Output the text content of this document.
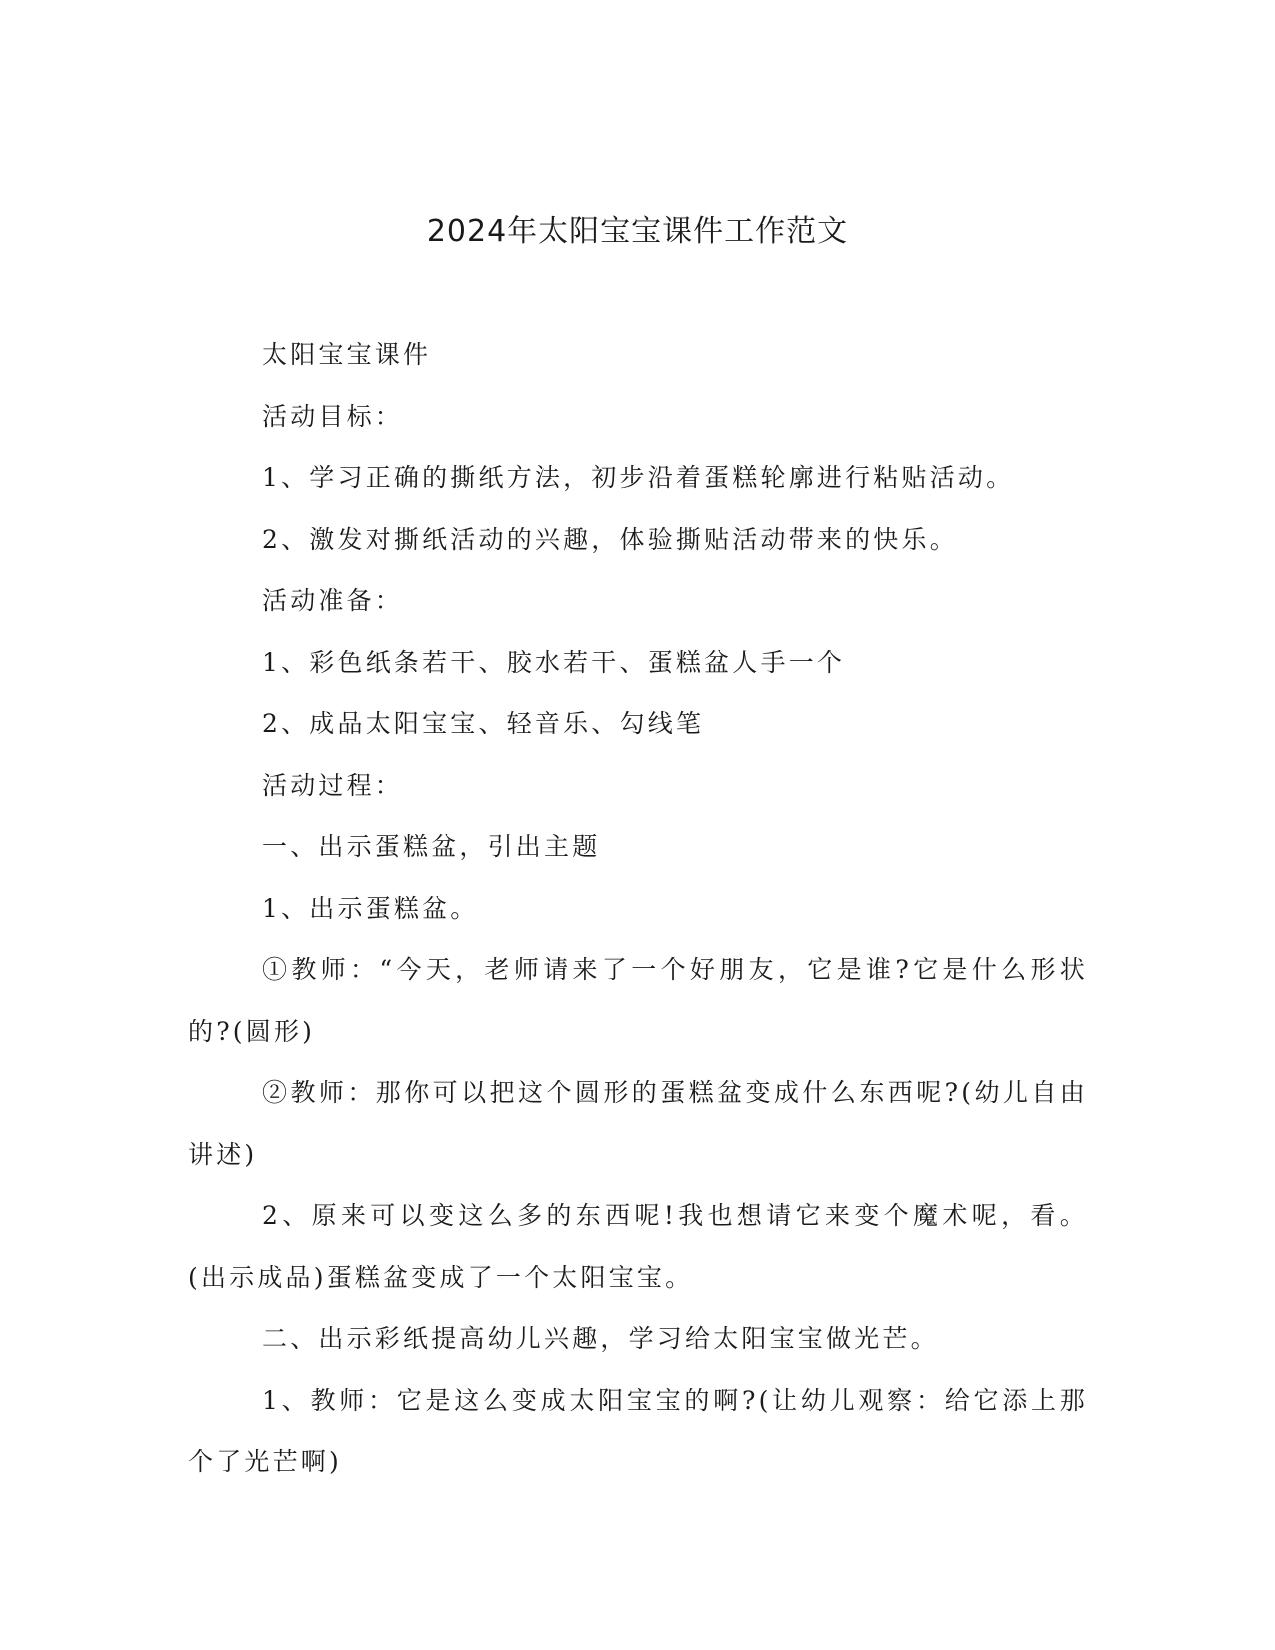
2024年太阳宝宝课件工作范文

太阳宝宝课件

活动目标：

1、学习正确的撕纸方法，初步沿着蛋糕轮廓进行粘贴活动。

2、激发对撕纸活动的兴趣，体验撕贴活动带来的快乐。

活动准备：

1、彩色纸条若干、胶水若干、蛋糕盆人手一个

2、成品太阳宝宝、轻音乐、勾线笔

活动过程：

一、出示蛋糕盆，引出主题

1、出示蛋糕盆。

①教师：“今天，老师请来了一个好朋友，它是谁?它是什么形状的?(圆形)

②教师：那你可以把这个圆形的蛋糕盆变成什么东西呢?(幼儿自由讲述)

2、原来可以变这么多的东西呢!我也想请它来变个魔术呢，看。(出示成品)蛋糕盆变成了一个太阳宝宝。

二、出示彩纸提高幼儿兴趣，学习给太阳宝宝做光芒。

1、教师：它是这么变成太阳宝宝的啊?(让幼儿观察：给它添上那个了光芒啊)
